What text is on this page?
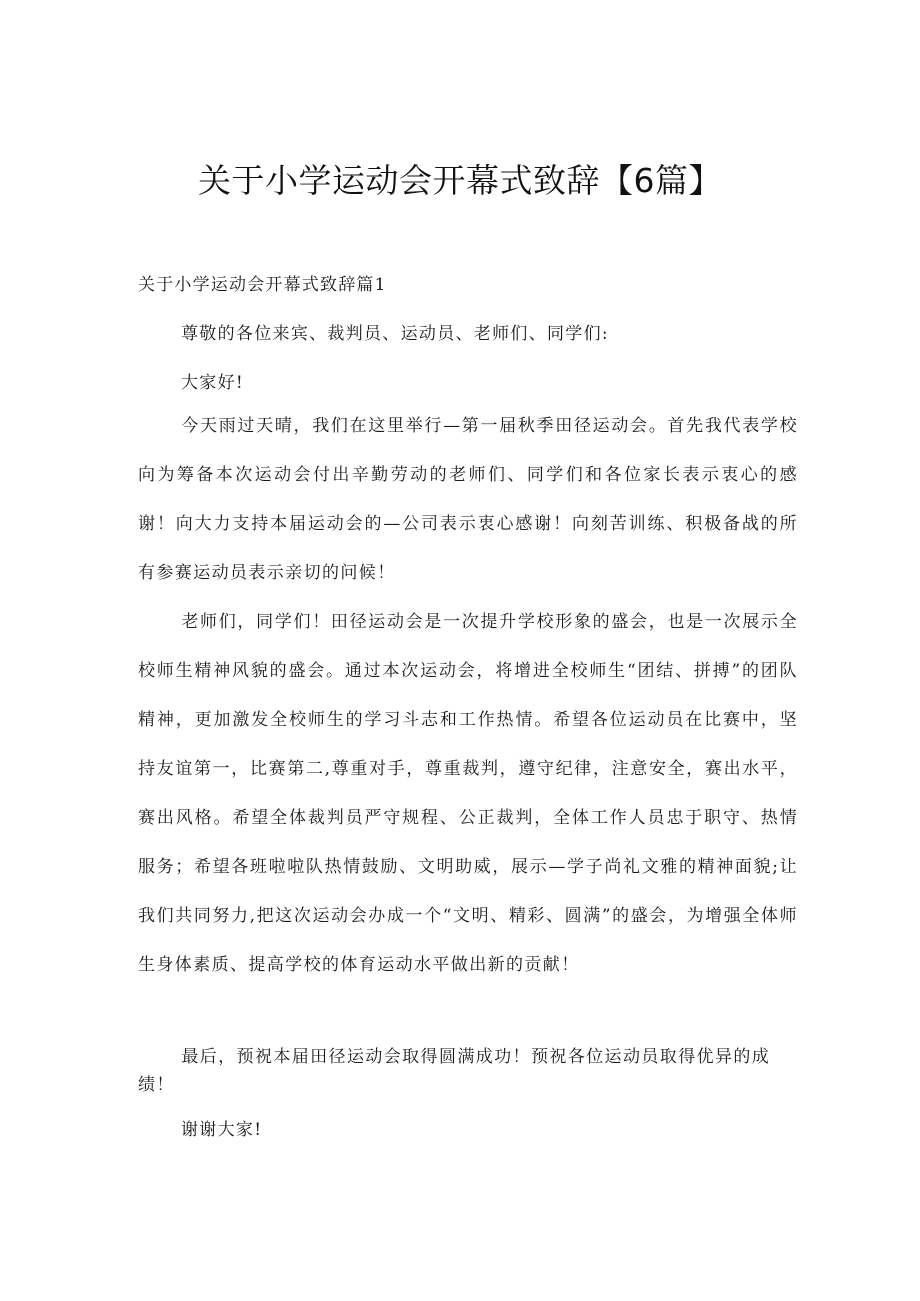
关于小学运动会开幕式致辞【6篇】
关于小学运动会开幕式致辞篇1

尊敬的各位来宾、裁判员、运动员、老师们、同学们:

大家好!

今天雨过天晴，我们在这里举行—第一届秋季田径运动会。首先我代表学校向为筹备本次运动会付出辛勤劳动的老师们、同学们和各位家长表示衷心的感谢！向大力支持本届运动会的—公司表示衷心感谢！向刻苦训练、积极备战的所有参赛运动员表示亲切的问候！

老师们，同学们！田径运动会是一次提升学校形象的盛会，也是一次展示全校师生精神风貌的盛会。通过本次运动会，将增进全校师生“团结、拼搏”的团队精神，更加激发全校师生的学习斗志和工作热情。希望各位运动员在比赛中，坚持友谊第一，比赛第二,尊重对手，尊重裁判，遵守纪律，注意安全，赛出水平，赛出风格。希望全体裁判员严守规程、公正裁判，全体工作人员忠于职守、热情服务；希望各班啦啦队热情鼓励、文明助威，展示—学子尚礼文雅的精神面貌;让我们共同努力,把这次运动会办成一个“文明、精彩、圆满”的盛会，为增强全体师生身体素质、提高学校的体育运动水平做出新的贡献！

最后，预祝本届田径运动会取得圆满成功！预祝各位运动员取得优异的成绩！

谢谢大家!
